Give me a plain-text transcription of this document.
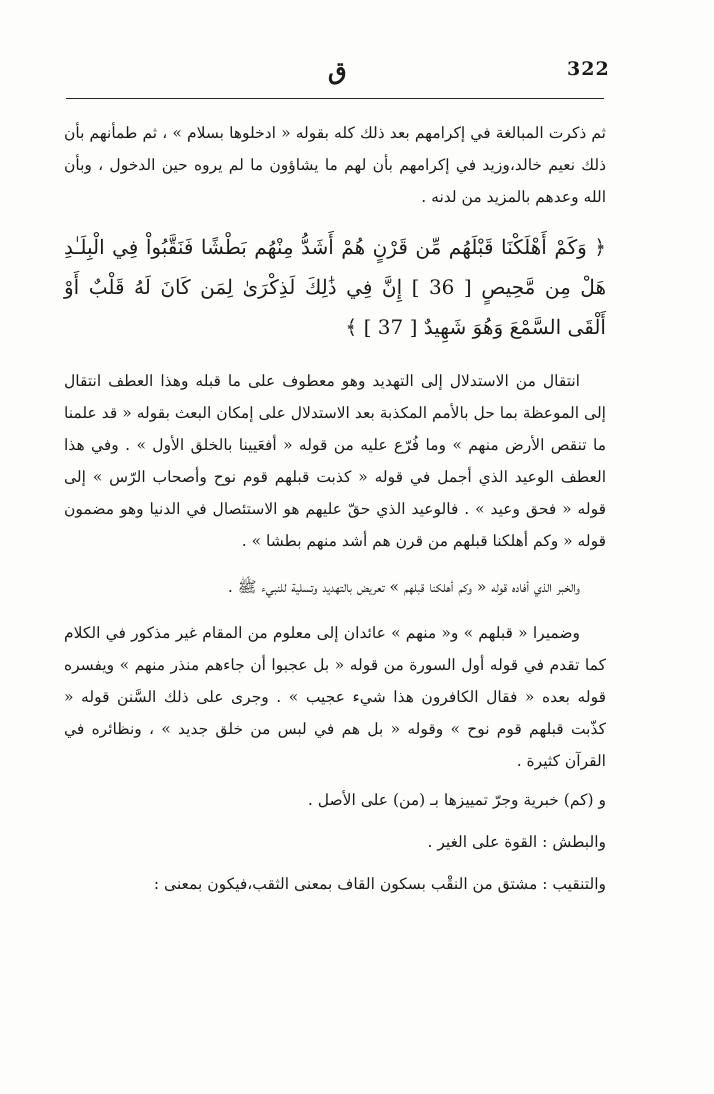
322
ق

ثم ذكرت المبالغة في إكرامهم بعد ذلك كله بقوله « ادخلوها بسلام » ، ثم طمأنهم بأن ذلك نعيم خالد،وزيد في إكرامهم بأن لهم ما يشاؤون ما لم يروه حين الدخول ، وبأن الله وعدهم بالمزيد من لدنه .

﴿ وَكَمْ أَهْلَكْنَا قَبْلَهُم مِّن قَرْنٍ هُمْ أَشَدُّ مِنْهُم بَطْشًا فَنَقَّبُواْ فِي الْبِلَـٰدِ هَلْ مِن مَّحِيصٍ [ 36 ] إِنَّ فِي ذَٰلِكَ لَذِكْرَىٰ لِمَن كَانَ لَهُ قَلْبٌ أَوْ أَلْقَى السَّمْعَ وَهُوَ شَهِيدٌ [ 37 ] ﴾

انتقال من الاستدلال إلى التهديد وهو معطوف على ما قبله وهذا العطف انتقال إلى الموعظة بما حل بالأمم المكذبة بعد الاستدلال على إمكان البعث بقوله « قد علمنا ما تنقص الأرض منهم » وما فُرّع عليه من قوله « أفعَيينا بالخلق الأول » . وفي هذا العطف الوعيد الذي أجمل في قوله « كذبت قبلهم قوم نوح وأصحاب الرّس » إلى قوله « فحق وعيد » . فالوعيد الذي حقّ عليهم هو الاستئصال في الدنيا وهو مضمون قوله « وكم أهلكنا قبلهم من قرن هم أشد منهم بطشا » .

والخبر الذي أفاده قوله « وكم أهلكنا قبلهم » تعريض بالتهديد وتسلية للنبيء ﷺ .

وضميرا « قبلهم » و« منهم » عائدان إلى معلوم من المقام غير مذكور في الكلام كما تقدم في قوله أول السورة من قوله « بل عجبوا أن جاءهم منذر منهم » ويفسره قوله بعده « فقال الكافرون هذا شيء عجيب » . وجرى على ذلك السَّنن قوله « كذّبت قبلهم قوم نوح » وقوله « بل هم في لبس من خلق جديد » ، ونظائره في القرآن كثيرة .

و (كم) خبرية وجرّ تمييزها بـ (من) على الأصل .

والبطش : القوة على الغير .

والتنقيب : مشتق من النقْب بسكون القاف بمعنى الثقب،فيكون بمعنى :
